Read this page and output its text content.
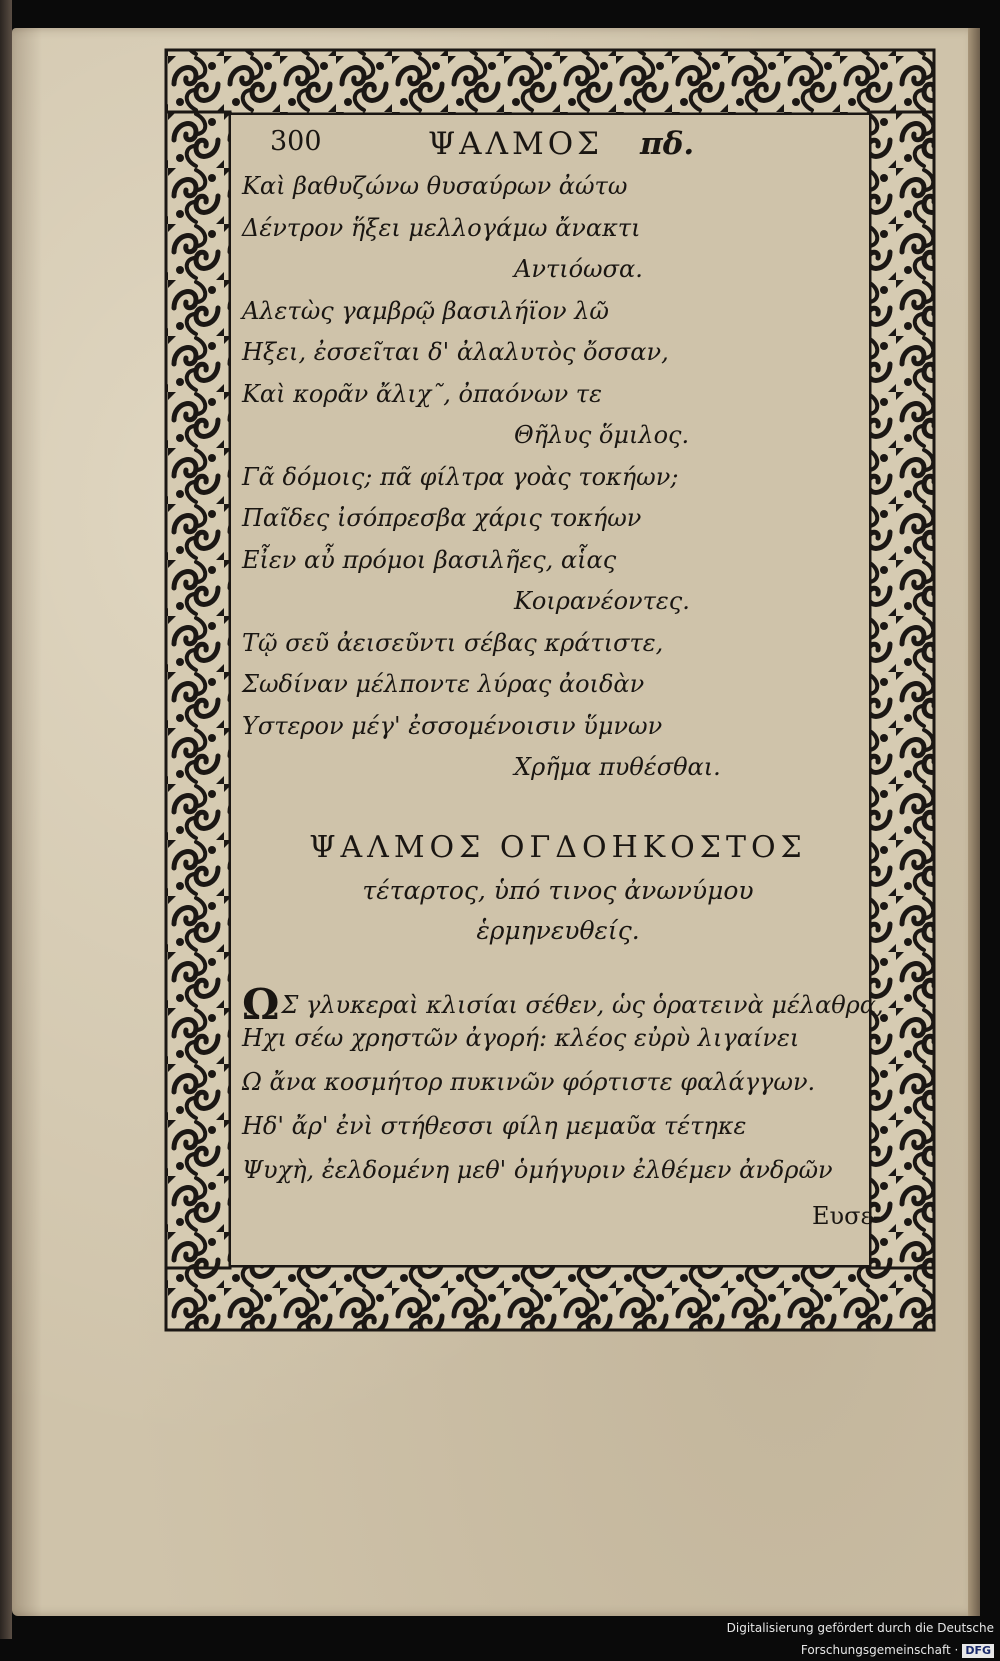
300	ΨΑΛΜΟΣ πδ.
Καὶ βαθυζώνω θυσαύρων ἀώτω
Δέντρον ἥξει μελλογάμω ἄνακτι
Αντιόωσα.
Αλετὼς γαμβρῷ βασιλήϊον λῶ
Ηξει, ἐσσεῖται δ' ἀλαλυτὸς ὄσσαν,
Καὶ κορᾶν ἄλιχ῀, ὀπαόνων τε
Θῆλυς ὅμιλος.
Γᾶ δόμοις; πᾶ φίλτρα γοὰς τοκήων;
Παῖδες ἰσόπρεσβα χάρις τοκήων
Εἶεν αὖ πρόμοι βασιλῆες, αἷας
Κοιρανέοντες.
Τῷ σεῦ ἀεισεῦντι σέβας κράτιστε,
Σωδίναν μέλποντε λύρας ἀοιδὰν
Υστερον μέγ' ἐσσομένοισιν ὕμνων
Χρῆμα πυθέσθαι.
ΨΑΛΜΟΣ ΟΓΔΟΗΚΟΣΤΟΣ
τέταρτος, ὑπό τινος ἀνωνύμου
ἑρμηνευθείς.
ΩΣ γλυκεραὶ κλισίαι σέθεν, ὡς ὁρατεινὰ μέλαθρα,
Ηχι σέω χρηστῶν ἀγορή: κλέος εὐρὺ λιγαίνει
Ω ἄνα κοσμήτορ πυκινῶν φόρτιστε φαλάγγων.
Ηδ' ἄρ' ἐνὶ στήθεσσι φίλη μεμαῦα τέτηκε
Ψυχὴ, ἐελδομένη μεθ' ὁμήγυριν ἐλθέμεν ἀνδρῶν
Ευσε-
Digitalisierung gefördert durch die Deutsche Forschungsgemeinschaft · DFG
